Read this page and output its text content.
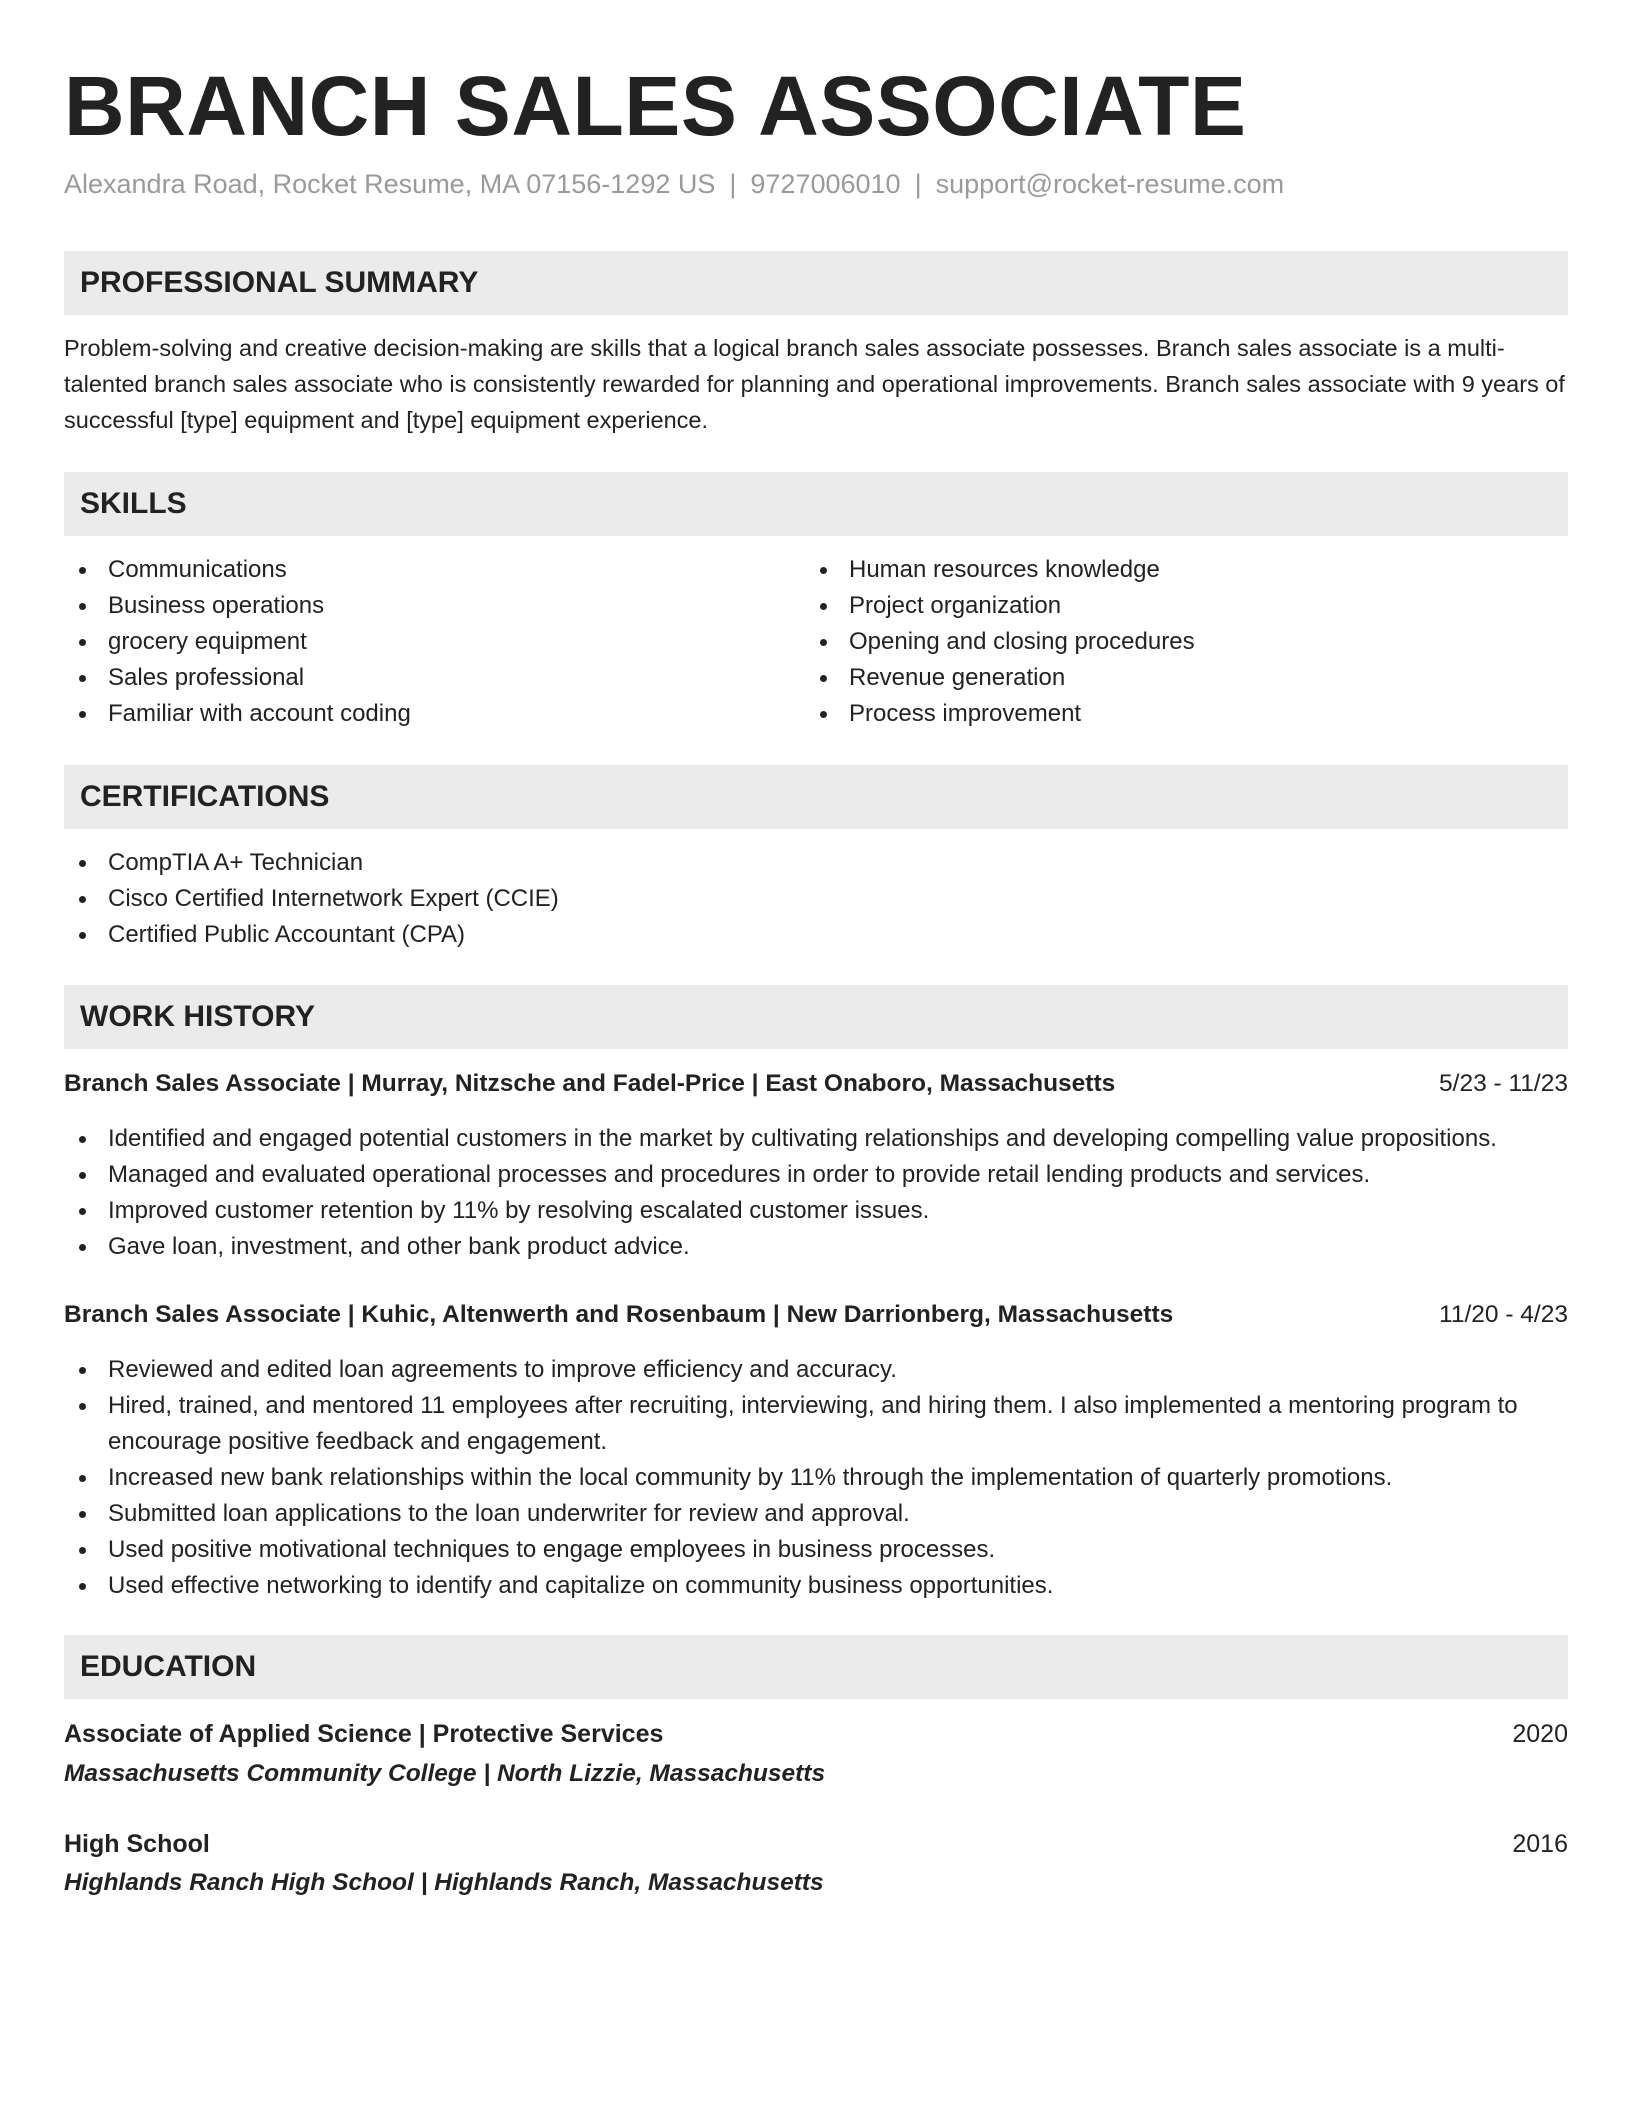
BRANCH SALES ASSOCIATE
Alexandra Road, Rocket Resume, MA 07156-1292 US | 9727006010 | support@rocket-resume.com
PROFESSIONAL SUMMARY
Problem-solving and creative decision-making are skills that a logical branch sales associate possesses. Branch sales associate is a multi-talented branch sales associate who is consistently rewarded for planning and operational improvements. Branch sales associate with 9 years of successful [type] equipment and [type] equipment experience.
SKILLS
Communications
Business operations
grocery equipment
Sales professional
Familiar with account coding
Human resources knowledge
Project organization
Opening and closing procedures
Revenue generation
Process improvement
CERTIFICATIONS
CompTIA A+ Technician
Cisco Certified Internetwork Expert (CCIE)
Certified Public Accountant (CPA)
WORK HISTORY
Branch Sales Associate | Murray, Nitzsche and Fadel-Price | East Onaboro, Massachusetts	5/23 - 11/23
Identified and engaged potential customers in the market by cultivating relationships and developing compelling value propositions.
Managed and evaluated operational processes and procedures in order to provide retail lending products and services.
Improved customer retention by 11% by resolving escalated customer issues.
Gave loan, investment, and other bank product advice.
Branch Sales Associate | Kuhic, Altenwerth and Rosenbaum | New Darrionberg, Massachusetts	11/20 - 4/23
Reviewed and edited loan agreements to improve efficiency and accuracy.
Hired, trained, and mentored 11 employees after recruiting, interviewing, and hiring them. I also implemented a mentoring program to encourage positive feedback and engagement.
Increased new bank relationships within the local community by 11% through the implementation of quarterly promotions.
Submitted loan applications to the loan underwriter for review and approval.
Used positive motivational techniques to engage employees in business processes.
Used effective networking to identify and capitalize on community business opportunities.
EDUCATION
Associate of Applied Science | Protective Services	2020
Massachusetts Community College | North Lizzie, Massachusetts
High School	2016
Highlands Ranch High School | Highlands Ranch, Massachusetts
